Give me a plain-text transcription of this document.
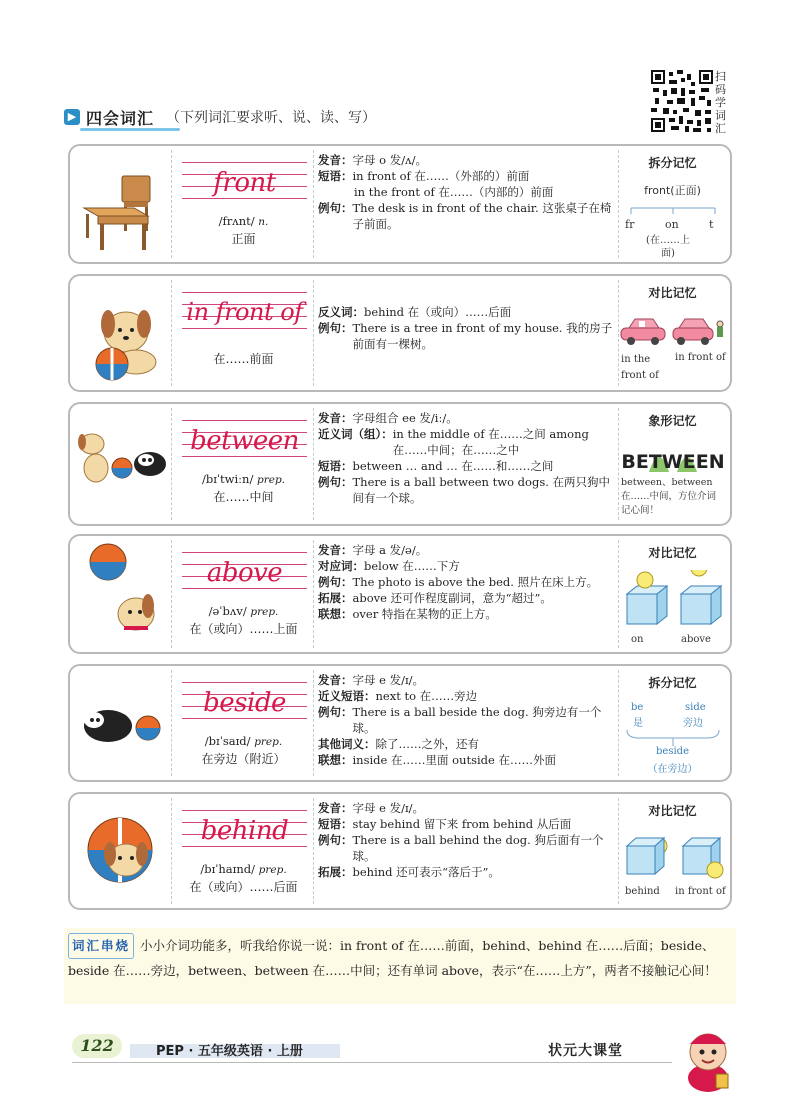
扫码学词汇
▶ 四会词汇 （下列词汇要求听、说、读、写）
front
/frʌnt/ n.
正面
发音： 字母 o 发/ʌ/。
短语： in front of 在……（外部的）前面
in the front of 在……（内部的）前面
例句： The desk is in front of the chair. 这张桌子在椅子前面。
拆分记忆
front(正面)
fr	on	t
(在……上面)
in front of
在……前面
反义词： behind 在（或向）……后面
例句： There is a tree in front of my house. 我的房子前面有一棵树。
对比记忆
in the front of
in front of
between
/bɪˈtwiːn/ prep.
在……中间
发音： 字母组合 ee 发/iː/。
近义词（组）： in the middle of 在……之间 among 在……中间；在……之中
短语： between … and … 在……和……之间
例句： There is a ball between two dogs. 在两只狗中间有一个球。
象形记忆
BETWEEN
between、between 在……中间，方位介词记心间！
above
/əˈbʌv/ prep.
在（或向）……上面
发音： 字母 a 发/ə/。
对应词： below 在……下方
例句： The photo is above the bed. 照片在床上方。
拓展： above 还可作程度副词，意为“超过”。
联想： over 特指在某物的正上方。
对比记忆
on	above
beside
/bɪˈsaɪd/ prep.
在旁边（附近）
发音： 字母 e 发/ɪ/。
近义短语： next to 在……旁边
例句： There is a ball beside the dog. 狗旁边有一个球。
其他词义： 除了……之外，还有
联想： inside 在……里面 outside 在……外面
拆分记忆
be
是
side
旁边
beside
（在旁边）
behind
/bɪˈhaɪnd/ prep.
在（或向）……后面
发音： 字母 e 发/ɪ/。
短语： stay behind 留下来 from behind 从后面
例句： There is a ball behind the dog. 狗后面有一个球。
拓展： behind 还可表示“落后于”。
对比记忆
behind in front of
词汇串烧 小小介词功能多，听我给你说一说：in front of 在……前面，behind、behind 在……后面；beside、beside 在……旁边，between、between 在……中间；还有单词 above，表示“在……上方”，两者不接触记心间！
122	PEP · 五年级英语 · 上册	状元大课堂
